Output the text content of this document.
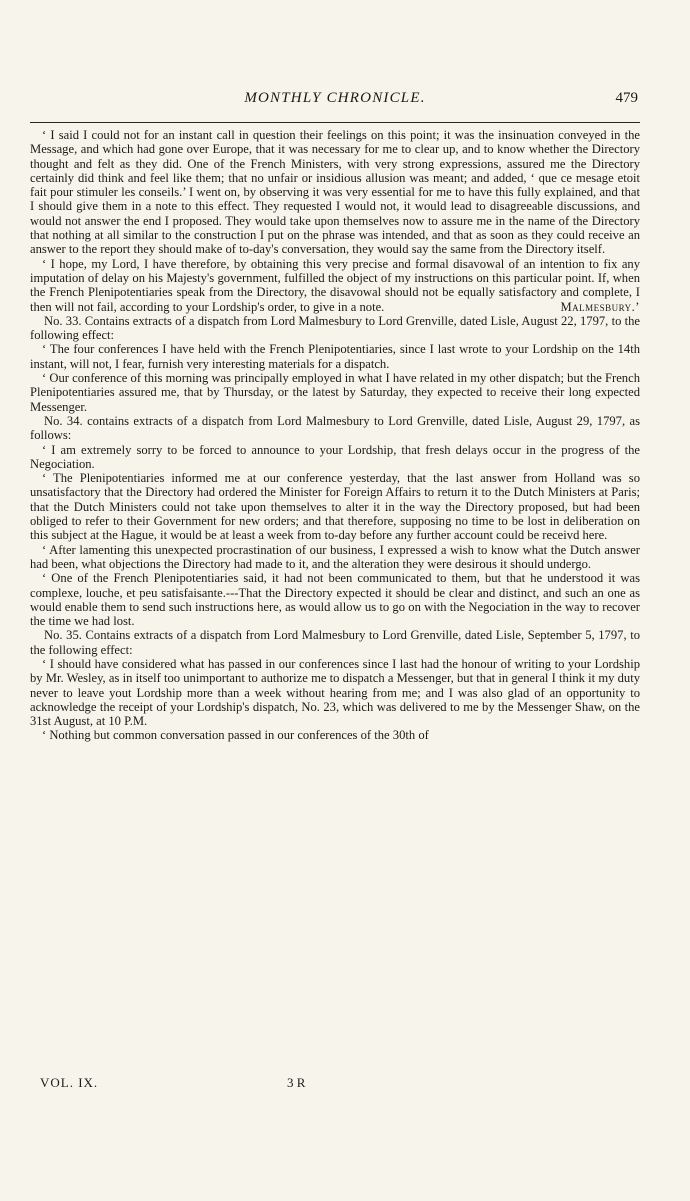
MONTHLY CHRONICLE.	479

‘ I said I could not for an instant call in question their feelings on this point; it was the insinuation conveyed in the Message, and which had gone over Europe, that it was necessary for me to clear up, and to know whether the Directory thought and felt as they did. One of the French Ministers, with very strong expressions, assured me the Directory certainly did think and feel like them; that no unfair or insidious allusion was meant; and added, ‘ que ce mesage etoit fait pour stimuler les conseils.’ I went on, by observing it was very essential for me to have this fully explained, and that I should give them in a note to this effect. They requested I would not, it would lead to disagreeable discussions, and would not answer the end I proposed. They would take upon themselves now to assure me in the name of the Directory that nothing at all similar to the construction I put on the phrase was intended, and that as soon as they could receive an answer to the report they should make of to-day's conversation, they would say the same from the Directory itself.

‘ I hope, my Lord, I have therefore, by obtaining this very precise and formal disavowal of an intention to fix any imputation of delay on his Majesty's government, fulfilled the object of my instructions on this particular point. If, when the French Plenipotentiaries speak from the Directory, the disavowal should not be equally satisfactory and complete, I then will not fail, according to your Lordship's order, to give in a note.	Malmesbury.’

No. 33. Contains extracts of a dispatch from Lord Malmesbury to Lord Grenville, dated Lisle, August 22, 1797, to the following effect:

‘ The four conferences I have held with the French Plenipotentiaries, since I last wrote to your Lordship on the 14th instant, will not, I fear, furnish very interesting materials for a dispatch.

‘ Our conference of this morning was principally employed in what I have related in my other dispatch; but the French Plenipotentiaries assured me, that by Thursday, or the latest by Saturday, they expected to receive their long expected Messenger.

No. 34. contains extracts of a dispatch from Lord Malmesbury to Lord Grenville, dated Lisle, August 29, 1797, as follows:

‘ I am extremely sorry to be forced to announce to your Lordship, that fresh delays occur in the progress of the Negociation.

‘ The Plenipotentiaries informed me at our conference yesterday, that the last answer from Holland was so unsatisfactory that the Directory had ordered the Minister for Foreign Affairs to return it to the Dutch Ministers at Paris; that the Dutch Ministers could not take upon themselves to alter it in the way the Directory proposed, but had been obliged to refer to their Government for new orders; and that therefore, supposing no time to be lost in deliberation on this subject at the Hague, it would be at least a week from to-day before any further account could be receivd here.

‘ After lamenting this unexpected procrastination of our business, I expressed a wish to know what the Dutch answer had been, what objections the Directory had made to it, and the alteration they were desirous it should undergo.

‘ One of the French Plenipotentiaries said, it had not been communicated to them, but that he understood it was complexe, louche, et peu satisfaisante.---That the Directory expected it should be clear and distinct, and such an one as would enable them to send such instructions here, as would allow us to go on with the Negociation in the way to recover the time we had lost.

No. 35. Contains extracts of a dispatch from Lord Malmesbury to Lord Grenville, dated Lisle, September 5, 1797, to the following effect:

‘ I should have considered what has passed in our conferences since I last had the honour of writing to your Lordship by Mr. Wesley, as in itself too unimportant to authorize me to dispatch a Messenger, but that in general I think it my duty never to leave yout Lordship more than a week without hearing from me; and I was also glad of an opportunity to acknowledge the receipt of your Lordship's dispatch, No. 23, which was delivered to me by the Messenger Shaw, on the 31st August, at 10 P.M.

‘ Nothing but common conversation passed in our conferences of the 30th of

VOL. IX.	3 R
